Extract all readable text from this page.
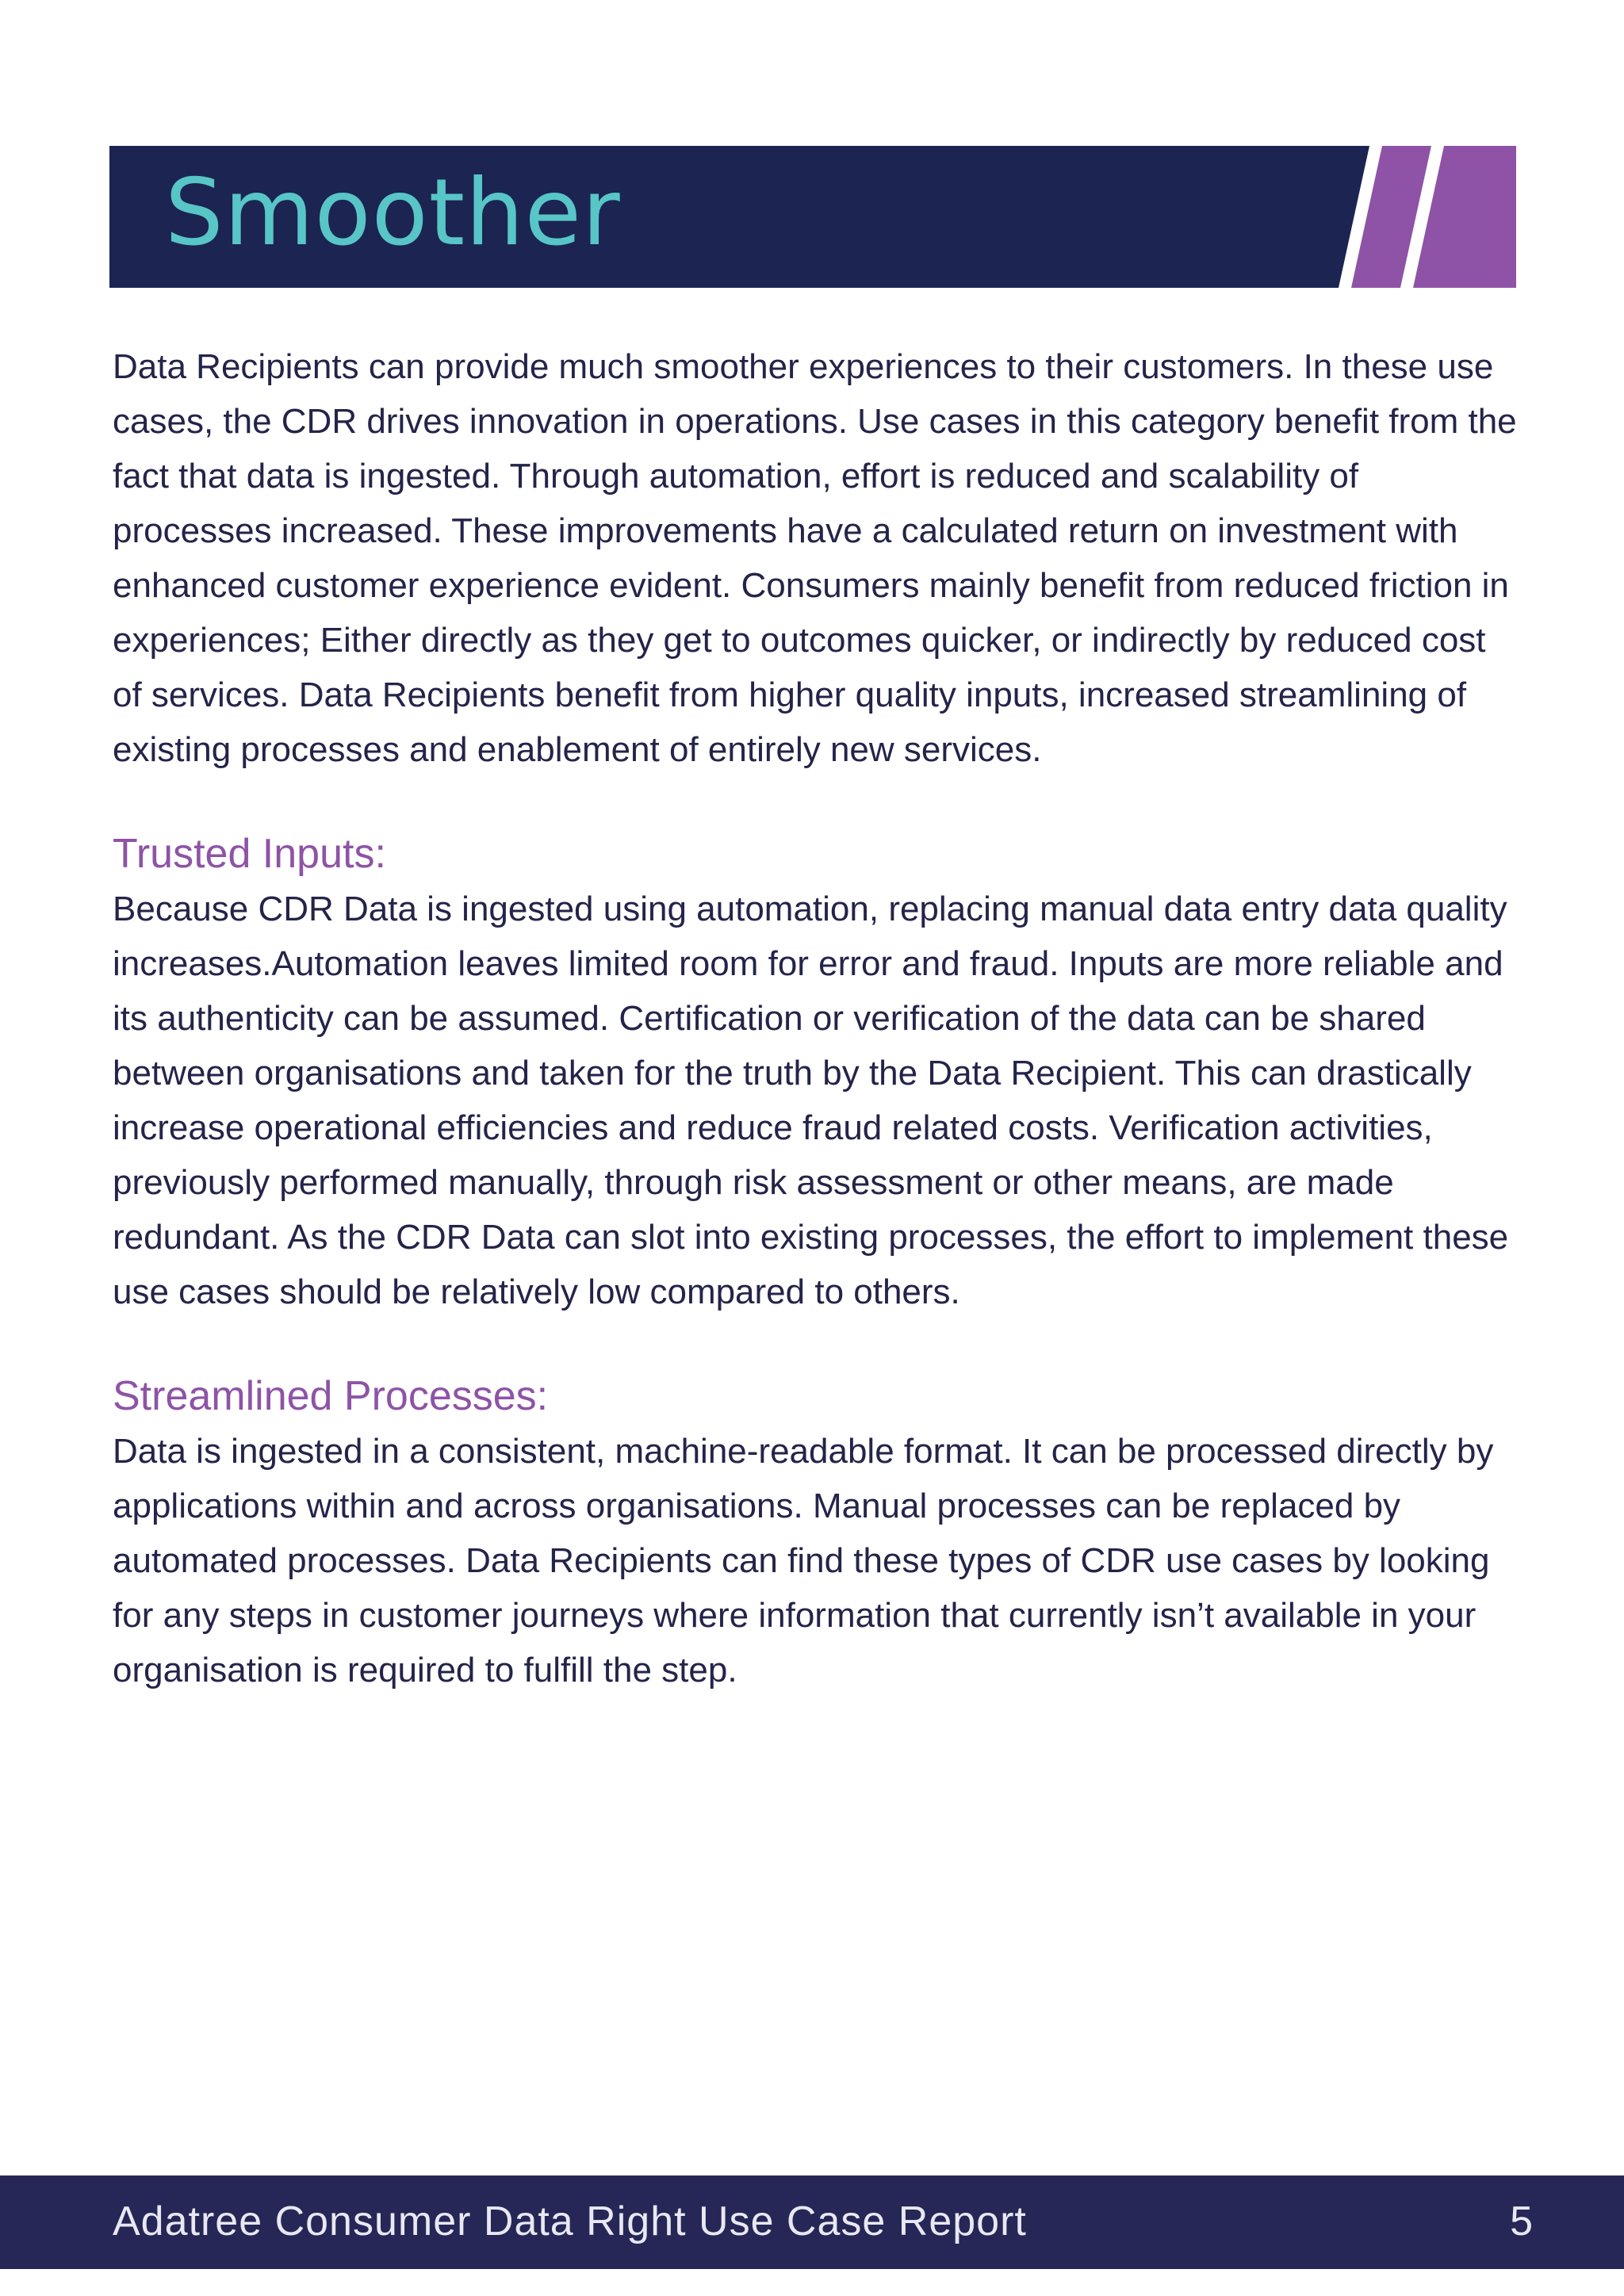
Smoother

Data Recipients can provide much smoother experiences to their customers. In these use cases, the CDR drives innovation in operations. Use cases in this category benefit from the fact that data is ingested. Through automation, effort is reduced and scalability of processes increased. These improvements have a calculated return on investment with enhanced customer experience evident. Consumers mainly benefit from reduced friction in experiences; Either directly as they get to outcomes quicker, or indirectly by reduced cost of services. Data Recipients benefit from higher quality inputs, increased streamlining of existing processes and enablement of entirely new services.

Trusted Inputs:

Because CDR Data is ingested using automation, replacing manual data entry data quality increases.Automation leaves limited room for error and fraud. Inputs are more reliable and its authenticity can be assumed. Certification or verification of the data can be shared between organisations and taken for the truth by the Data Recipient. This can drastically increase operational efficiencies and reduce fraud related costs. Verification activities, previously performed manually, through risk assessment or other means, are made redundant. As the CDR Data can slot into existing processes, the effort to implement these use cases should be relatively low compared to others.

Streamlined Processes:

Data is ingested in a consistent, machine-readable format. It can be processed directly by applications within and across organisations. Manual processes can be replaced by automated processes. Data Recipients can find these types of CDR use cases by looking for any steps in customer journeys where information that currently isn’t available in your organisation is required to fulfill the step.

Adatree Consumer Data Right Use Case Report	5
